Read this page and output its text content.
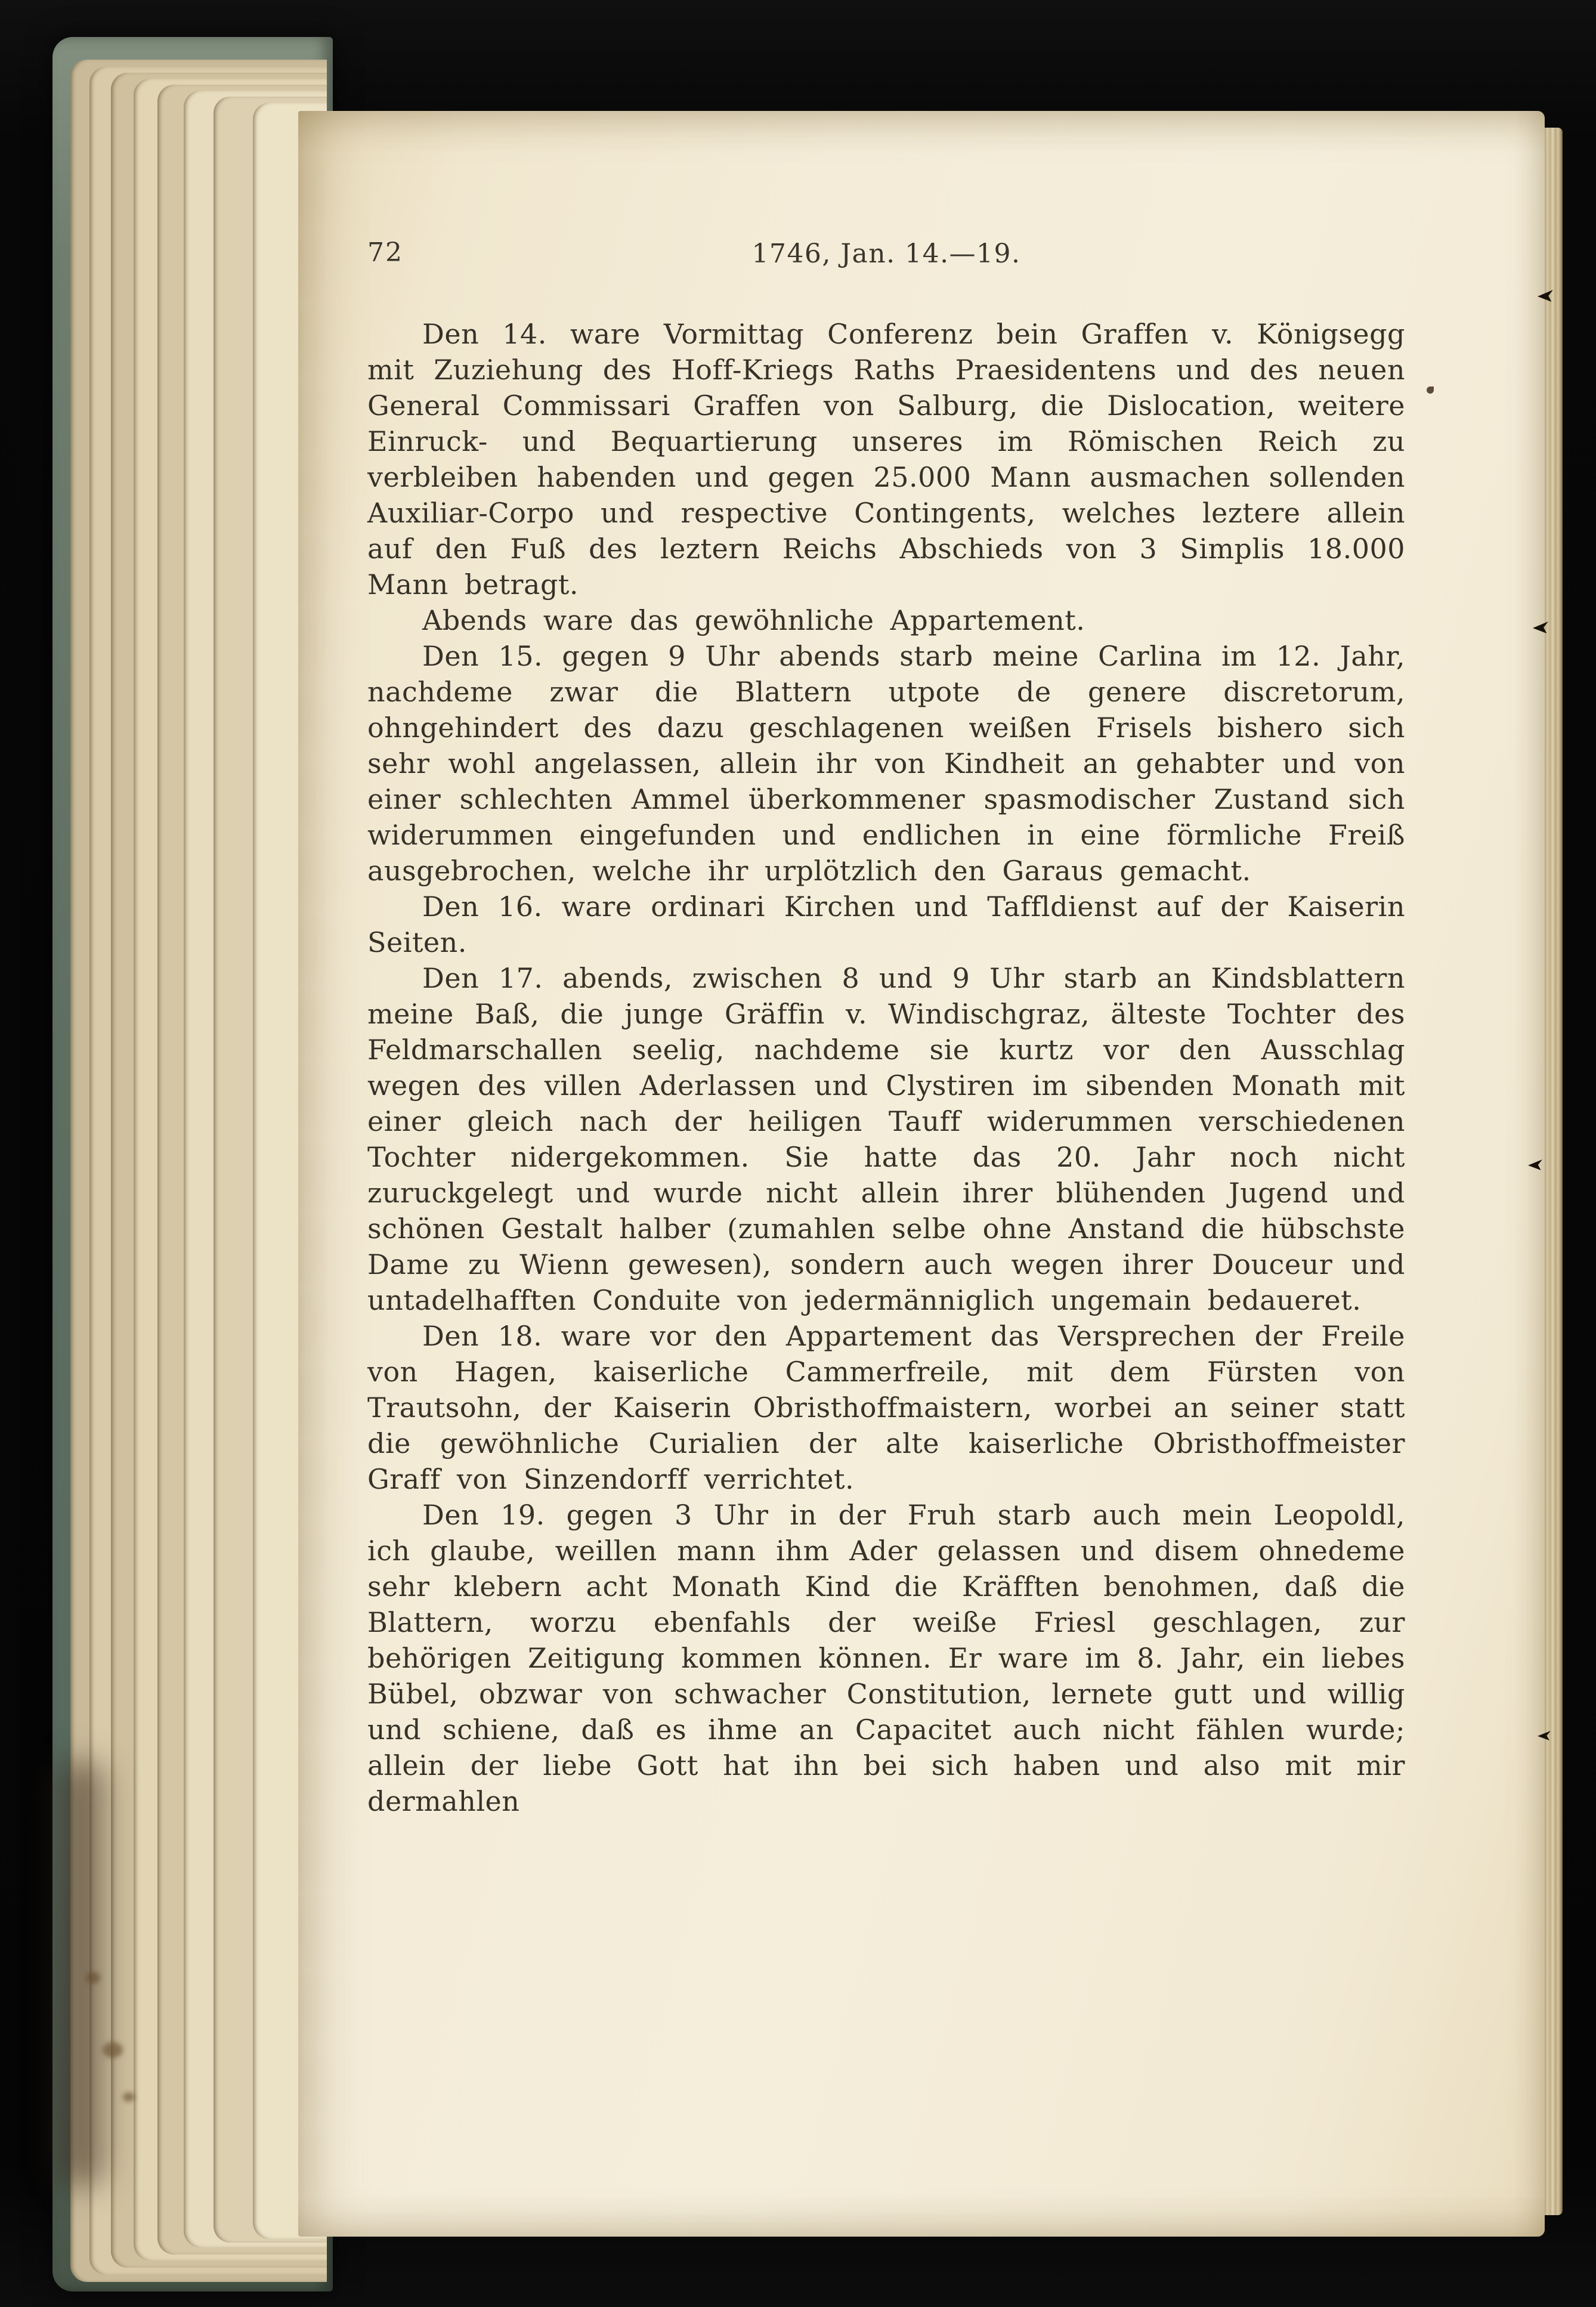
72	1746, Jan. 14.—19.

Den 14. ware Vormittag Conferenz bein Graffen v. Königsegg mit Zuziehung des Hoff-Kriegs Raths Praesidentens und des neuen General Commissari Graffen von Salburg, die Dislocation, weitere Einruck- und Bequartierung unseres im Römischen Reich zu verbleiben habenden und gegen 25.000 Mann ausmachen sollenden Auxiliar-Corpo und respective Contingents, welches leztere allein auf den Fuß des leztern Reichs Abschieds von 3 Simplis 18.000 Mann betragt.

Abends ware das gewöhnliche Appartement.

Den 15. gegen 9 Uhr abends starb meine Carlina im 12. Jahr, nachdeme zwar die Blattern utpote de genere discretorum, ohngehindert des dazu geschlagenen weißen Frisels bishero sich sehr wohl angelassen, allein ihr von Kindheit an gehabter und von einer schlechten Ammel überkommener spasmodischer Zustand sich widerummen eingefunden und endlichen in eine förmliche Freiß ausgebrochen, welche ihr urplötzlich den Garaus gemacht.

Den 16. ware ordinari Kirchen und Taffldienst auf der Kaiserin Seiten.

Den 17. abends, zwischen 8 und 9 Uhr starb an Kindsblattern meine Baß, die junge Gräffin v. Windischgraz, älteste Tochter des Feldmarschallen seelig, nachdeme sie kurtz vor den Ausschlag wegen des villen Aderlassen und Clystiren im sibenden Monath mit einer gleich nach der heiligen Tauff widerummen verschiedenen Tochter nidergekommen. Sie hatte das 20. Jahr noch nicht zuruckgelegt und wurde nicht allein ihrer blühenden Jugend und schönen Gestalt halber (zumahlen selbe ohne Anstand die hübschste Dame zu Wienn gewesen), sondern auch wegen ihrer Douceur und untadelhafften Conduite von jedermänniglich ungemain bedaueret.

Den 18. ware vor den Appartement das Versprechen der Freile von Hagen, kaiserliche Cammerfreile, mit dem Fürsten von Trautsohn, der Kaiserin Obristhoffmaistern, worbei an seiner statt die gewöhnliche Curialien der alte kaiserliche Obristhoffmeister Graff von Sinzendorff verrichtet.

Den 19. gegen 3 Uhr in der Fruh starb auch mein Leopoldl, ich glaube, weillen mann ihm Ader gelassen und disem ohnedeme sehr klebern acht Monath Kind die Kräfften benohmen, daß die Blattern, worzu ebenfahls der weiße Friesl geschlagen, zur behörigen Zeitigung kommen können. Er ware im 8. Jahr, ein liebes Bübel, obzwar von schwacher Constitution, lernete gutt und willig und schiene, daß es ihme an Capacitet auch nicht fählen wurde; allein der liebe Gott hat ihn bei sich haben und also mit mir dermahlen
